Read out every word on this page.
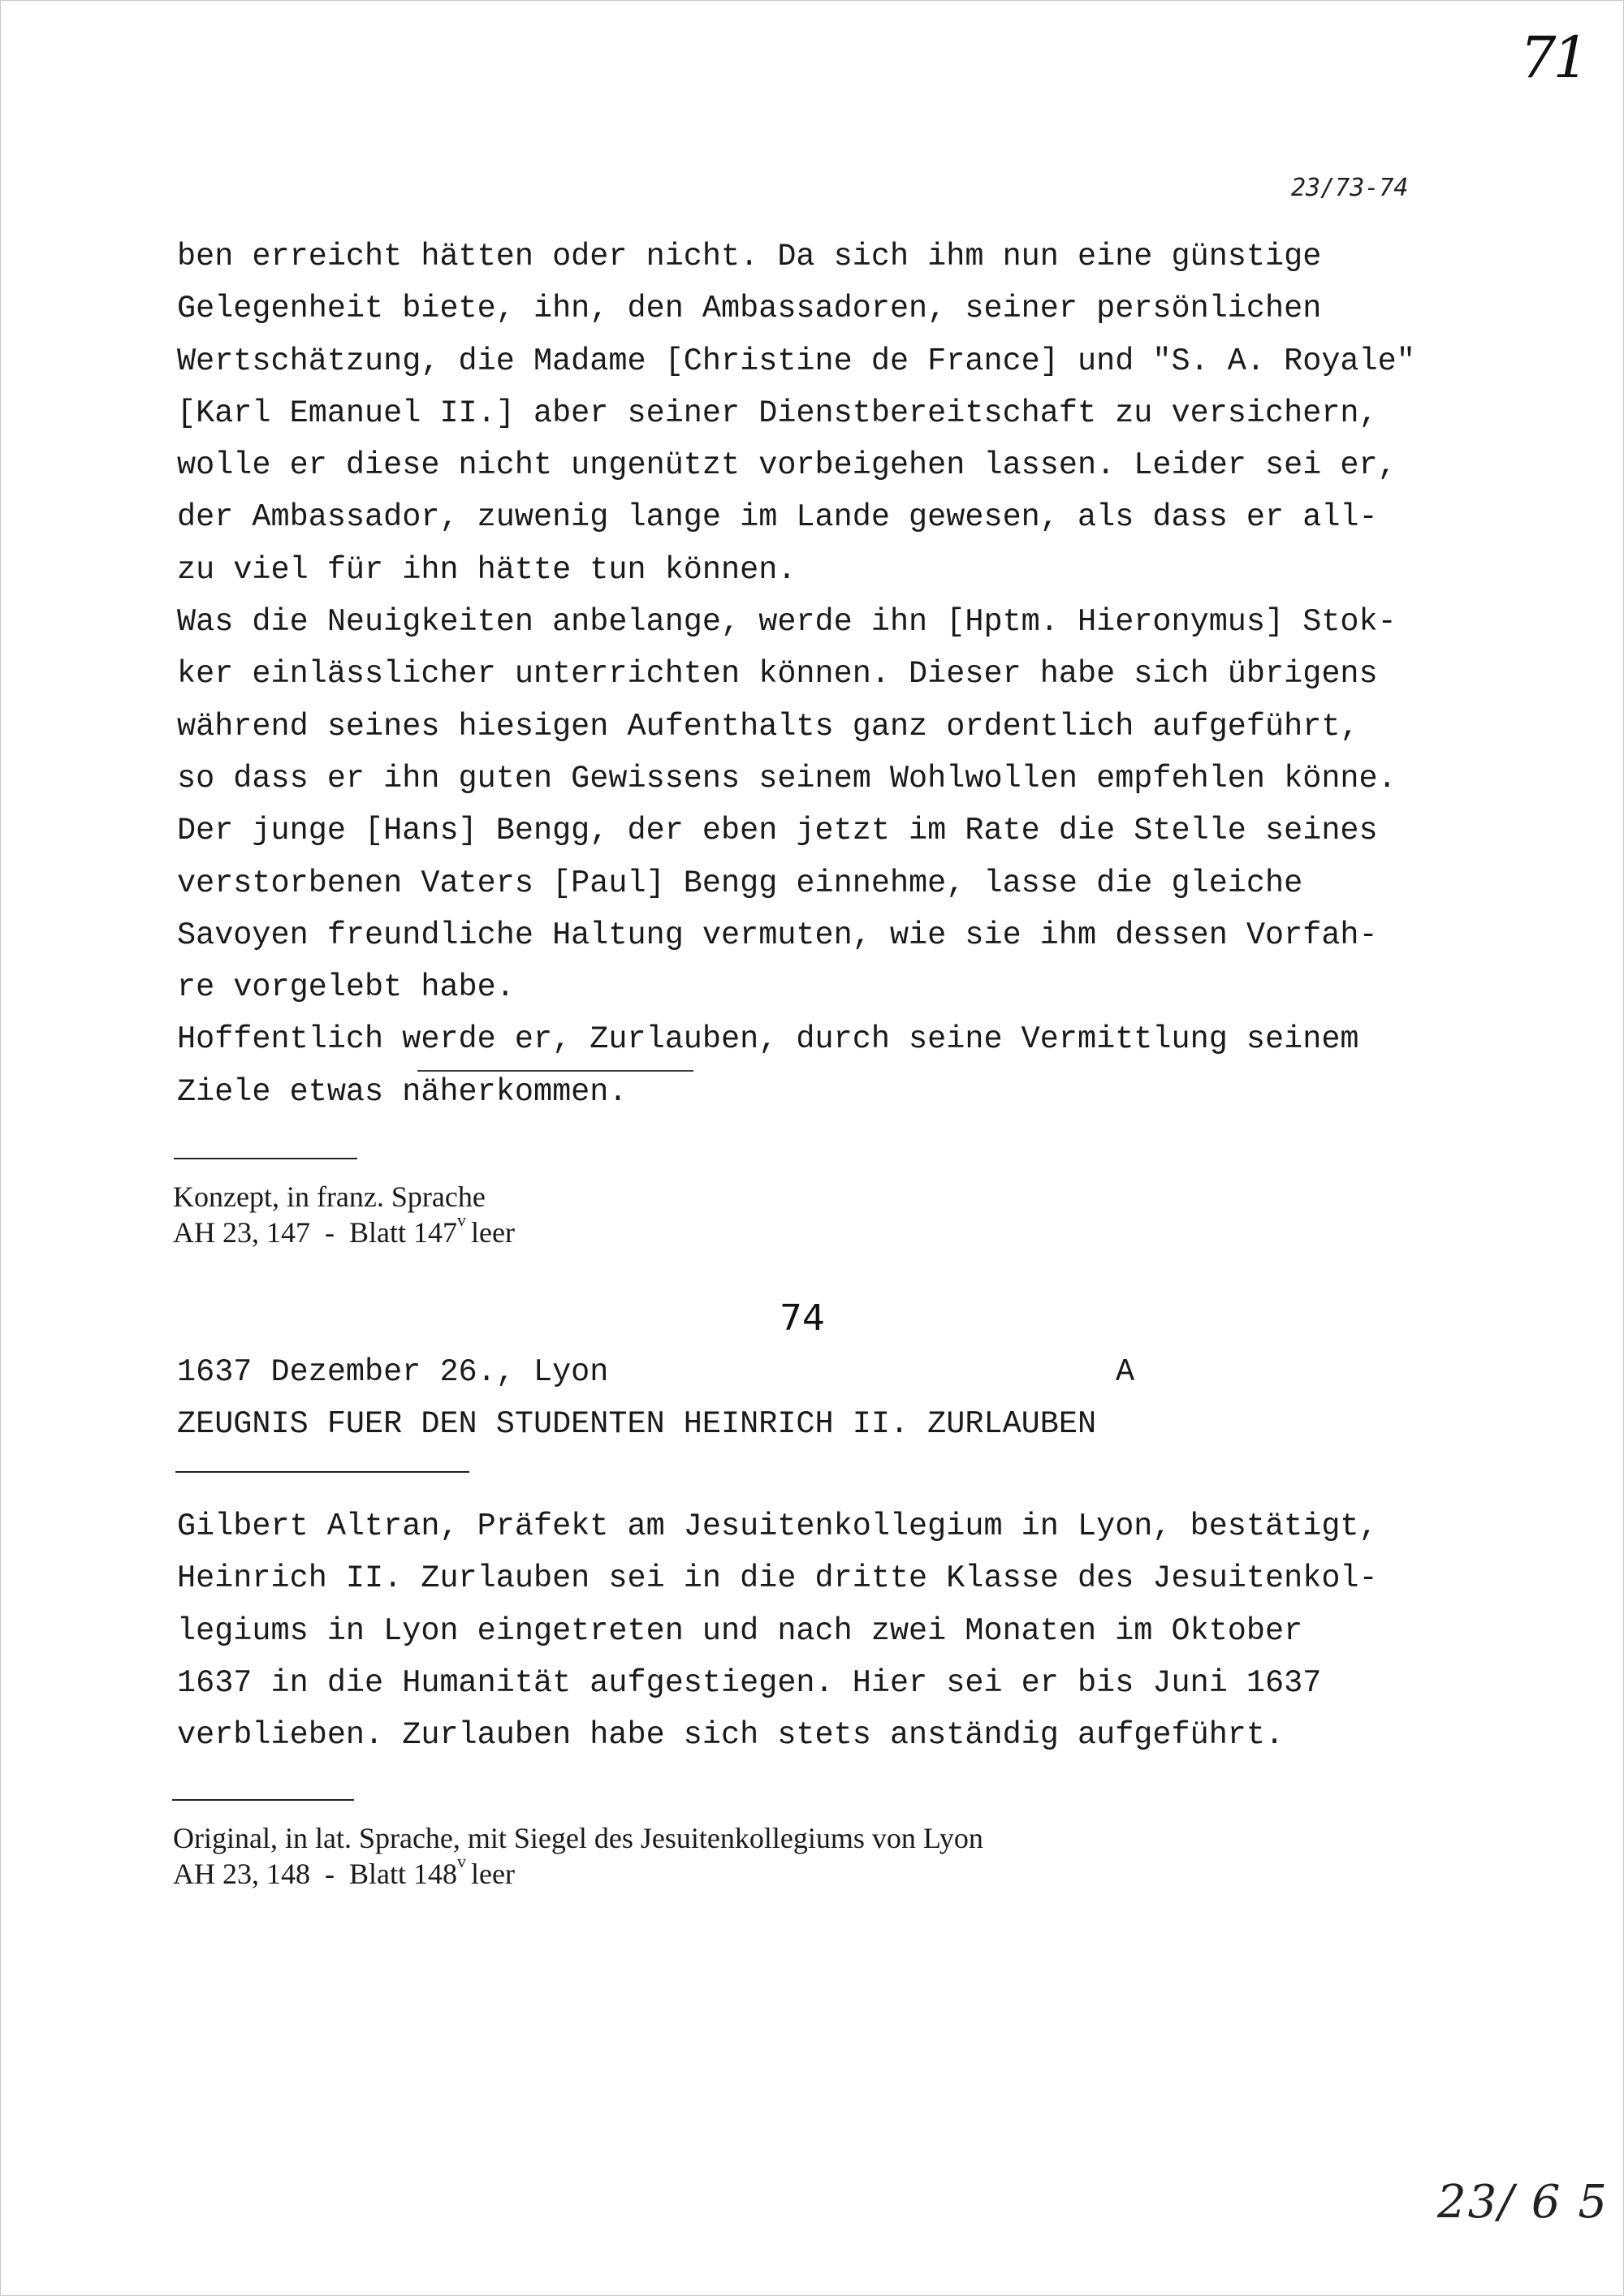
71
23/73-74
ben erreicht hätten oder nicht. Da sich ihm nun eine günstige
Gelegenheit biete, ihn, den Ambassadoren, seiner persönlichen
Wertschätzung, die Madame [Christine de France] und "S. A. Royale"
[Karl Emanuel II.] aber seiner Dienstbereitschaft zu versichern,
wolle er diese nicht ungenützt vorbeigehen lassen. Leider sei er,
der Ambassador, zuwenig lange im Lande gewesen, als dass er all-
zu viel für ihn hätte tun können.
Was die Neuigkeiten anbelange, werde ihn [Hptm. Hieronymus] Stok-
ker einlässlicher unterrichten können. Dieser habe sich übrigens
während seines hiesigen Aufenthalts ganz ordentlich aufgeführt,
so dass er ihn guten Gewissens seinem Wohlwollen empfehlen könne.
Der junge [Hans] Bengg, der eben jetzt im Rate die Stelle seines
verstorbenen Vaters [Paul] Bengg einnehme, lasse die gleiche
Savoyen freundliche Haltung vermuten, wie sie ihm dessen Vorfah-
re vorgelebt habe.
Hoffentlich werde er, Zurlauben, durch seine Vermittlung seinem
Ziele etwas näherkommen.
Konzept, in franz. Sprache
AH 23, 147  -  Blatt 147$^v$ leer
74
1637 Dezember 26., Lyon	A
ZEUGNIS FUER DEN STUDENTEN HEINRICH II. ZURLAUBEN
Gilbert Altran, Präfekt am Jesuitenkollegium in Lyon, bestätigt,
Heinrich II. Zurlauben sei in die dritte Klasse des Jesuitenkol-
legiums in Lyon eingetreten und nach zwei Monaten im Oktober
1637 in die Humanität aufgestiegen. Hier sei er bis Juni 1637
verblieben. Zurlauben habe sich stets anständig aufgeführt.
Original, in lat. Sprache, mit Siegel des Jesuitenkollegiums von Lyon
AH 23, 148  -  Blatt 148$^v$ leer
23/ 6 5
